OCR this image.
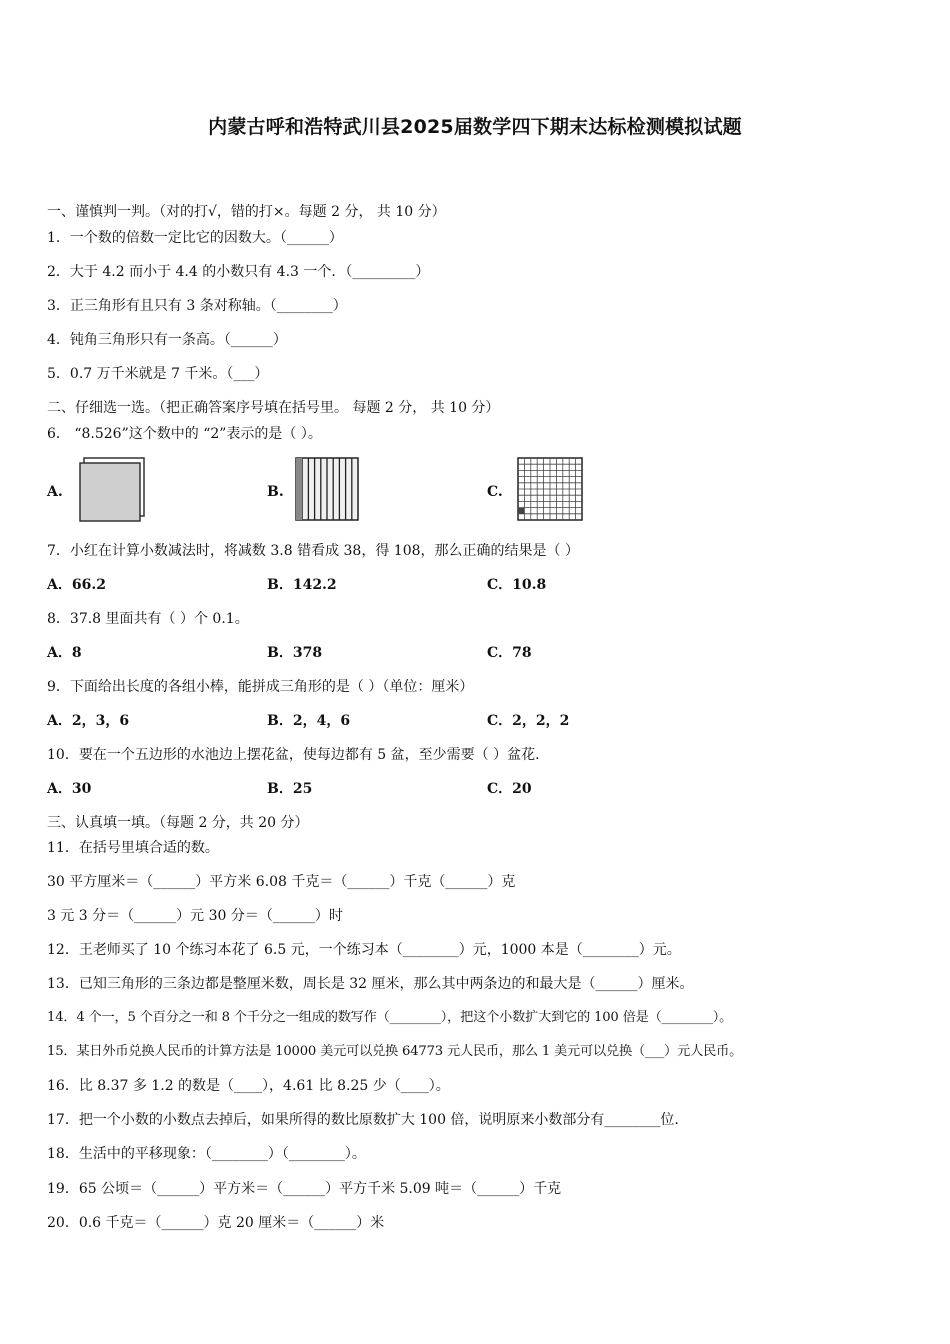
内蒙古呼和浩特武川县2025届数学四下期末达标检测模拟试题
一、谨慎判一判。（对的打√，错的打×。每题 2 分， 共 10 分）
1．一个数的倍数一定比它的因数大。（______）
2．大于 4.2 而小于 4.4 的小数只有 4.3 一个．（_________）
3．正三角形有且只有 3 条对称轴。（________）
4．钝角三角形只有一条高。（______）
5．0.7 万千米就是 7 千米。（___）
二、仔细选一选。（把正确答案序号填在括号里。 每题 2 分， 共 10 分）
6． “8.526”这个数中的 “2”表示的是（ ）。
A.	B.	C.
7．小红在计算小数减法时，将减数 3.8 错看成 38，得 108，那么正确的结果是（ ）
A．66.2	B．142.2	C．10.8
8．37.8 里面共有（ ）个 0.1。
A．8	B．378	C．78
9．下面给出长度的各组小棒，能拼成三角形的是（ ）（单位：厘米）
A．2，3，6	B．2，4，6	C．2，2，2
10．要在一个五边形的水池边上摆花盆，使每边都有 5 盆，至少需要（ ）盆花.
A．30	B．25	C．20
三、认真填一填。（每题 2 分，共 20 分）
11．在括号里填合适的数。
30 平方厘米＝（______）平方米 6.08 千克＝（______）千克（______）克
3 元 3 分＝（______）元 30 分＝（______）时
12．王老师买了 10 个练习本花了 6.5 元，一个练习本（________）元，1000 本是（________）元。
13．已知三角形的三条边都是整厘米数，周长是 32 厘米，那么其中两条边的和最大是（______）厘米。
14．4 个一，5 个百分之一和 8 个千分之一组成的数写作（________），把这个小数扩大到它的 100 倍是（________）。
15．某日外币兑换人民币的计算方法是 10000 美元可以兑换 64773 元人民币，那么 1 美元可以兑换（___）元人民币。
16．比 8.37 多 1.2 的数是（____），4.61 比 8.25 少（____）。
17．把一个小数的小数点去掉后，如果所得的数比原数扩大 100 倍，说明原来小数部分有________位.
18．生活中的平移现象：（________）（________）。
19．65 公顷＝（______）平方米＝（______）平方千米 5.09 吨＝（______）千克
20．0.6 千克＝（______）克 20 厘米＝（______）米
